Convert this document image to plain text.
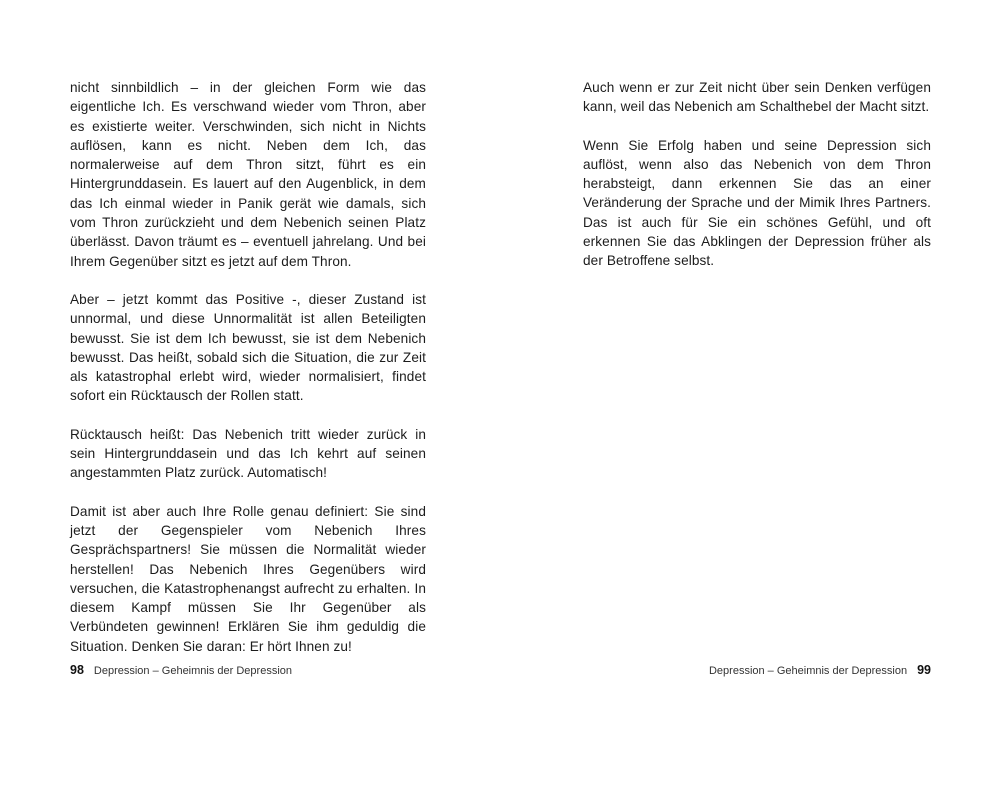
nicht sinnbildlich – in der gleichen Form wie das eigentliche Ich. Es verschwand wieder vom Thron, aber es existierte weiter. Verschwinden, sich nicht in Nichts auflösen, kann es nicht. Neben dem Ich, das normalerweise auf dem Thron sitzt, führt es ein Hintergrunddasein. Es lauert auf den Augenblick, in dem das Ich einmal wieder in Panik gerät wie damals, sich vom Thron zurückzieht und dem Nebenich seinen Platz überlässt. Davon träumt es – eventuell jahrelang. Und bei Ihrem Gegenüber sitzt es jetzt auf dem Thron.

Aber – jetzt kommt das Positive -, dieser Zustand ist unnormal, und diese Unnormalität ist allen Beteiligten bewusst. Sie ist dem Ich bewusst, sie ist dem Nebenich bewusst. Das heißt, sobald sich die Situation, die zur Zeit als katastrophal erlebt wird, wieder normalisiert, findet sofort ein Rücktausch der Rollen statt.

Rücktausch heißt: Das Nebenich tritt wieder zurück in sein Hintergrunddasein und das Ich kehrt auf seinen angestammten Platz zurück. Automatisch!

Damit ist aber auch Ihre Rolle genau definiert: Sie sind jetzt der Gegenspieler vom Nebenich Ihres Gesprächspartners! Sie müssen die Normalität wieder herstellen! Das Nebenich Ihres Gegenübers wird versuchen, die Katastrophenangst aufrecht zu erhalten. In diesem Kampf müssen Sie Ihr Gegenüber als Verbündeten gewinnen! Erklären Sie ihm geduldig die Situation. Denken Sie daran: Er hört Ihnen zu!

98 Depression – Geheimnis der Depression

Auch wenn er zur Zeit nicht über sein Denken verfügen kann, weil das Nebenich am Schalthebel der Macht sitzt.

Wenn Sie Erfolg haben und seine Depression sich auflöst, wenn also das Nebenich von dem Thron herabsteigt, dann erkennen Sie das an einer Veränderung der Sprache und der Mimik Ihres Partners. Das ist auch für Sie ein schönes Gefühl, und oft erkennen Sie das Abklingen der Depression früher als der Betroffene selbst.

Depression – Geheimnis der Depression 99
